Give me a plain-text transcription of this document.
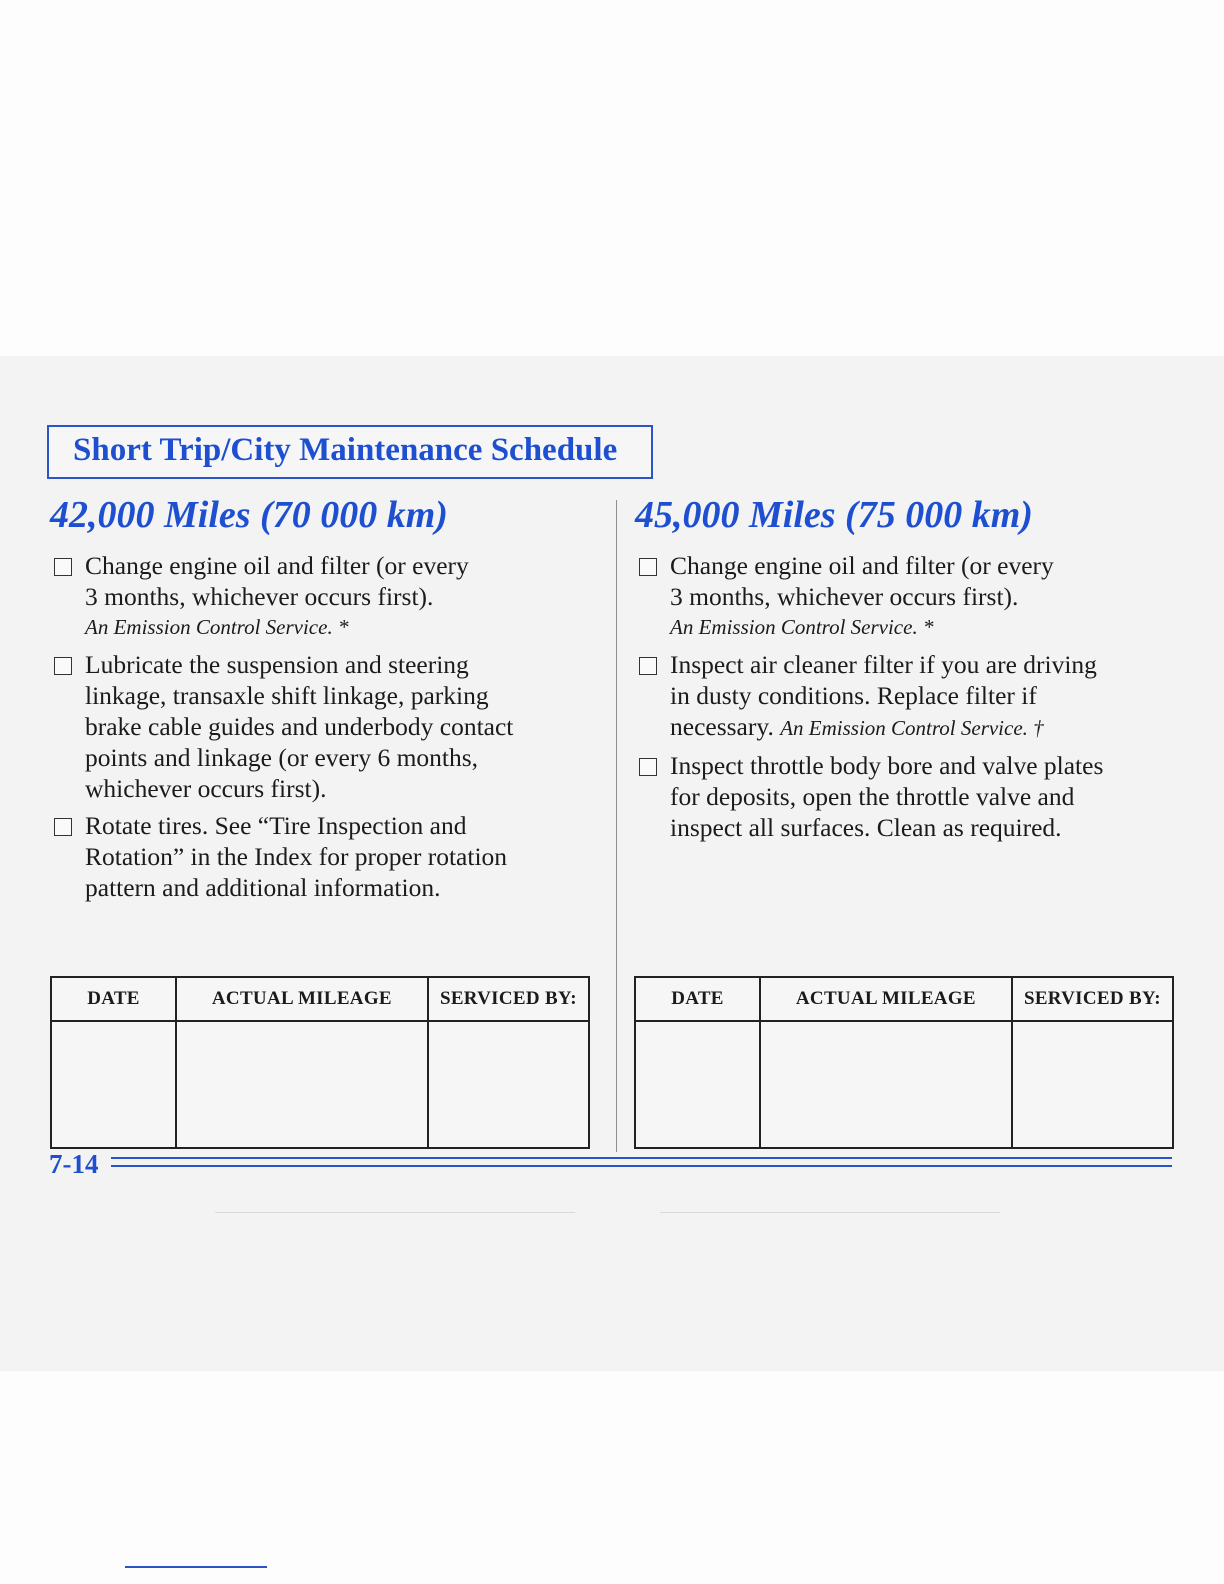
Short Trip/City Maintenance Schedule
42,000 Miles (70 000 km)	45,000 Miles (75 000 km)
Change engine oil and filter (or every
3 months, whichever occurs first).
An Emission Control Service. *
Lubricate the suspension and steering
linkage, transaxle shift linkage, parking
brake cable guides and underbody contact
points and linkage (or every 6 months,
whichever occurs first).
Rotate tires. See “Tire Inspection and
Rotation” in the Index for proper rotation
pattern and additional information.
Change engine oil and filter (or every
3 months, whichever occurs first).
An Emission Control Service. *
Inspect air cleaner filter if you are driving
in dusty conditions. Replace filter if
necessary. An Emission Control Service. †
Inspect throttle body bore and valve plates
for deposits, open the throttle valve and
inspect all surfaces. Clean as required.
DATE	ACTUAL MILEAGE	SERVICED BY:
			DATE	ACTUAL MILEAGE	SERVICED BY:

7-14
